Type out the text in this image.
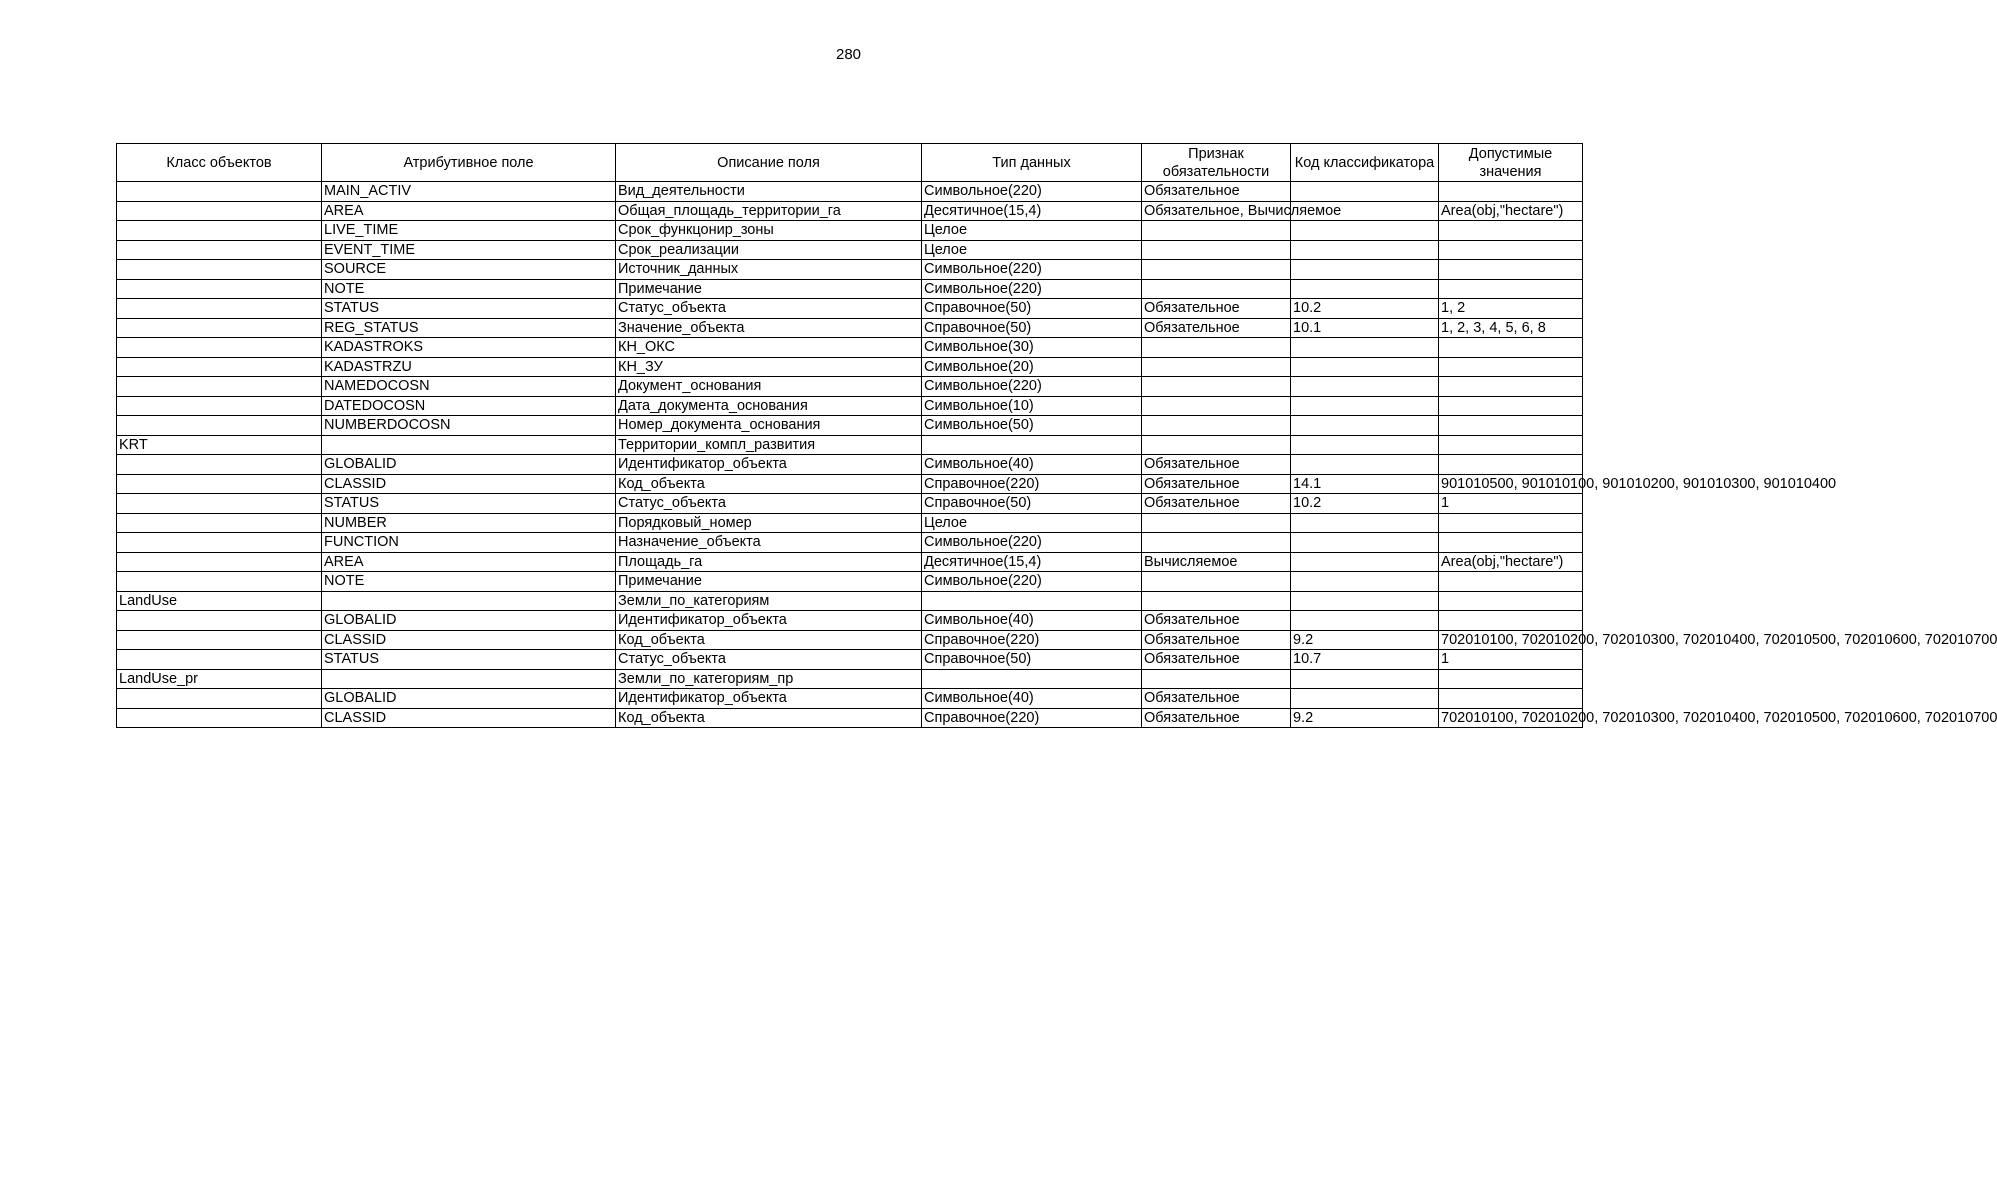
280
Класс объектов	Атрибутивное поле	Описание поля	Тип данных	Признак обязательности	Код классификатора	Допустимые значения
	MAIN_ACTIV	Вид_деятельности	Символьное(220)	Обязательное		
	AREA	Общая_площадь_территории_га	Десятичное(15,4)	Обязательное, Вычисляемое		Area(obj,"hectare")
	LIVE_TIME	Срок_функцонир_зоны	Целое			
	EVENT_TIME	Срок_реализации	Целое			
	SOURCE	Источник_данных	Символьное(220)			
	NOTE	Примечание	Символьное(220)			
	STATUS	Статус_объекта	Справочное(50)	Обязательное	10.2	1, 2
	REG_STATUS	Значение_объекта	Справочное(50)	Обязательное	10.1	1, 2, 3, 4, 5, 6, 8
	KADASTROKS	КН_ОКС	Символьное(30)			
	KADASTRZU	КН_ЗУ	Символьное(20)			
	NAMEDOCOSN	Документ_основания	Символьное(220)			
	DATEDOCOSN	Дата_документа_основания	Символьное(10)			
	NUMBERDOCOSN	Номер_документа_основания	Символьное(50)			
KRT		Территории_компл_развития				
	GLOBALID	Идентификатор_объекта	Символьное(40)	Обязательное		
	CLASSID	Код_объекта	Справочное(220)	Обязательное	14.1	901010500, 901010100, 901010200, 901010300, 901010400
	STATUS	Статус_объекта	Справочное(50)	Обязательное	10.2	1
	NUMBER	Порядковый_номер	Целое			
	FUNCTION	Назначение_объекта	Символьное(220)			
	AREA	Площадь_га	Десятичное(15,4)	Вычисляемое		Area(obj,"hectare")
	NOTE	Примечание	Символьное(220)			
LandUse		Земли_по_категориям				
	GLOBALID	Идентификатор_объекта	Символьное(40)	Обязательное		
	CLASSID	Код_объекта	Справочное(220)	Обязательное	9.2	702010100, 702010200, 702010300, 702010400, 702010500, 702010600, 702010700
	STATUS	Статус_объекта	Справочное(50)	Обязательное	10.7	1
LandUse_pr		Земли_по_категориям_пр				
	GLOBALID	Идентификатор_объекта	Символьное(40)	Обязательное		
	CLASSID	Код_объекта	Справочное(220)	Обязательное	9.2	702010100, 702010200, 702010300, 702010400, 702010500, 702010600, 702010700
